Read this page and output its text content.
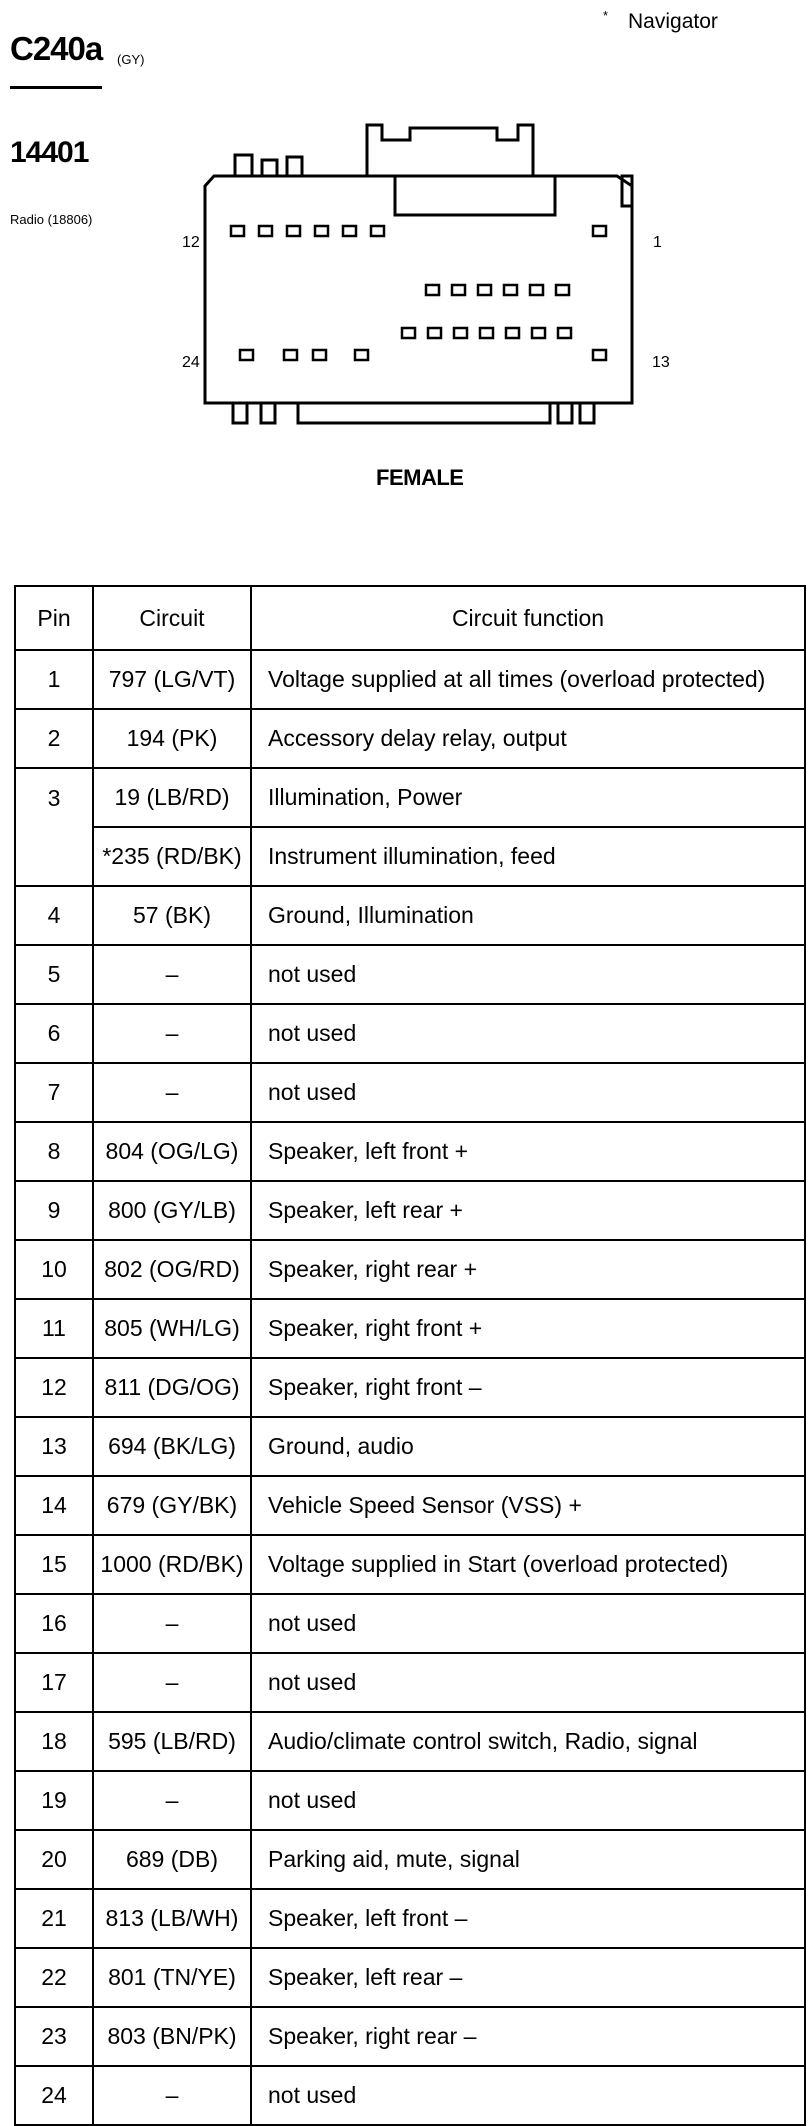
C240a (GY)
14401
Radio (18806)
* Navigator
12	1
24	13
FEMALE
Pin	Circuit	Circuit function
1	797 (LG/VT)	Voltage supplied at all times (overload protected)
2	194 (PK)	Accessory delay relay, output
3	19 (LB/RD)	Illumination, Power
	*235 (RD/BK)	Instrument illumination, feed
4	57 (BK)	Ground, Illumination
5	–	not used
6	–	not used
7	–	not used
8	804 (OG/LG)	Speaker, left front +
9	800 (GY/LB)	Speaker, left rear +
10	802 (OG/RD)	Speaker, right rear +
11	805 (WH/LG)	Speaker, right front +
12	811 (DG/OG)	Speaker, right front –
13	694 (BK/LG)	Ground, audio
14	679 (GY/BK)	Vehicle Speed Sensor (VSS) +
15	1000 (RD/BK)	Voltage supplied in Start (overload protected)
16	–	not used
17	–	not used
18	595 (LB/RD)	Audio/climate control switch, Radio, signal
19	–	not used
20	689 (DB)	Parking aid, mute, signal
21	813 (LB/WH)	Speaker, left front –
22	801 (TN/YE)	Speaker, left rear –
23	803 (BN/PK)	Speaker, right rear –
24	–	not used
